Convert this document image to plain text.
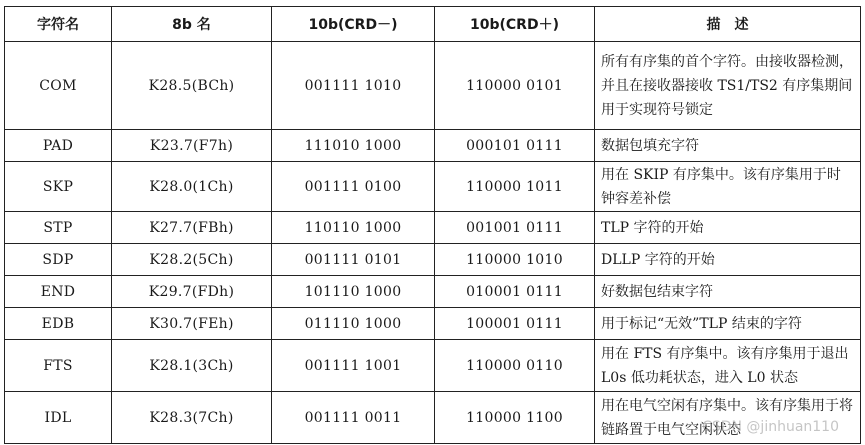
字符名	8b 名	10b(CRD－)	10b(CRD＋)	描　述
COM	K28.5(BCh)	001111 1010	110000 0101	所有有序集的首个字符。由接收器检测，并且在接收器接收 TS1/TS2 有序集期间用于实现符号锁定
PAD	K23.7(F7h)	111010 1000	000101 0111	数据包填充字符
SKP	K28.0(1Ch)	001111 0100	110000 1011	用在 SKIP 有序集中。该有序集用于时钟容差补偿
STP	K27.7(FBh)	110110 1000	001001 0111	TLP 字符的开始
SDP	K28.2(5Ch)	001111 0101	110000 1010	DLLP 字符的开始
END	K29.7(FDh)	101110 1000	010001 0111	好数据包结束字符
EDB	K30.7(FEh)	011110 1000	100001 0111	用于标记“无效”TLP 结束的字符
FTS	K28.1(3Ch)	001111 1001	110000 0110	用在 FTS 有序集中。该有序集用于退出 L0s 低功耗状态，进入 L0 状态
IDL	K28.3(7Ch)	001111 0011	110000 1100	用在电气空闲有序集中。该有序集用于将链路置于电气空闲状态
CSDN @jinhuan110
